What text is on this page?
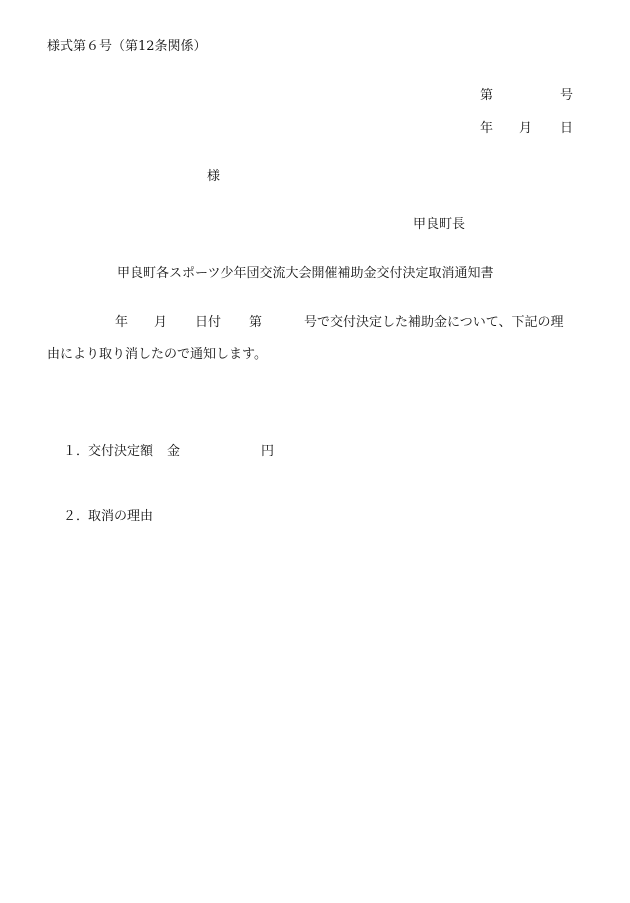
様式第６号（第12条関係）
第	号
年 月 日
様
甲良町長
甲良町各スポーツ少年団交流大会開催補助金交付決定取消通知書
年 月 日付 第	号で交付決定した補助金について、下記の理
由により取り消したので通知します。
１．
交付決定額 金	円
２．
取消の理由
